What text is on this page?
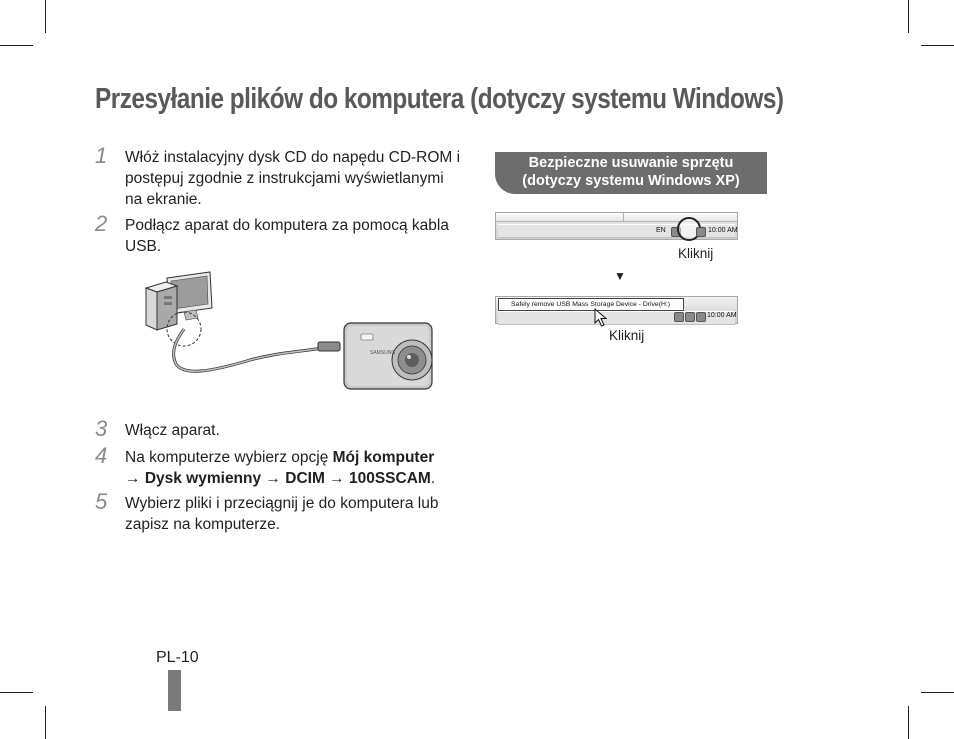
Przesyłanie plików do komputera (dotyczy systemu Windows)
1	Włóż instalacyjny dysk CD do napędu CD-ROM i postępuj zgodnie z instrukcjami wyświetlanymi na ekranie.
2	Podłącz aparat do komputera za pomocą kabla USB.
SAMSUNG
3	Włącz aparat.
4	Na komputerze wybierz opcję Mój komputer
→ Dysk wymienny → DCIM → 100SSCAM.
5	Wybierz pliki i przeciągnij je do komputera lub zapisz na komputerze.
Bezpieczne usuwanie sprzętu
(dotyczy systemu Windows XP)
EN	10:00 AM
Kliknij
▼
Safely remove USB Mass Storage Device - Drive(H:)
10:00 AM
Kliknij
PL-10
